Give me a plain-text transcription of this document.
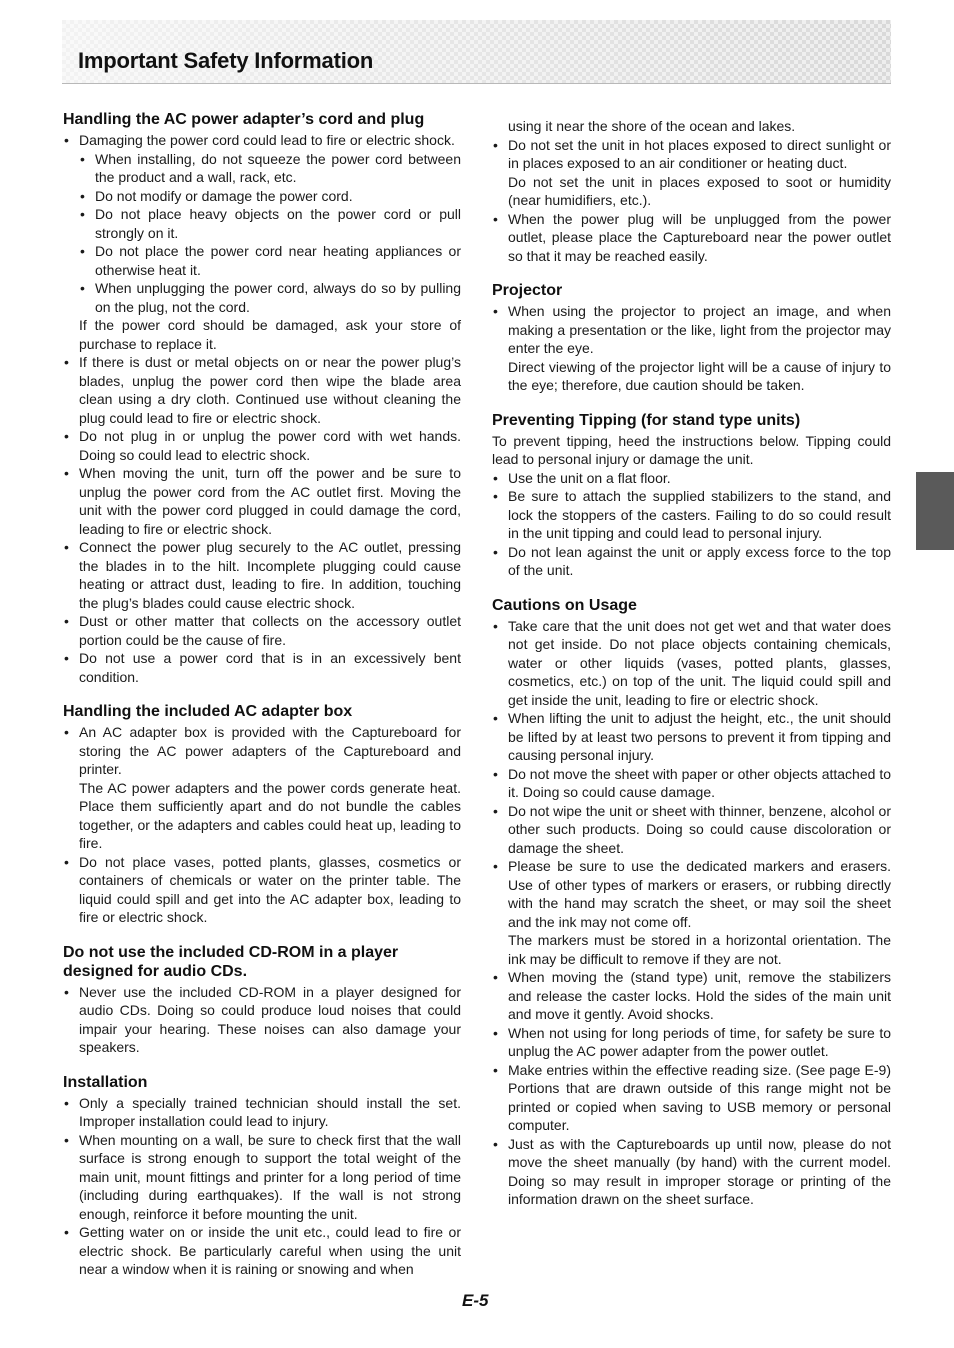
Important Safety Information
Handling the AC power adapter’s cord and plug
• Damaging the power cord could lead to fire or electric shock.
• When installing, do not squeeze the power cord between the product and a wall, rack, etc.
• Do not modify or damage the power cord.
• Do not place heavy objects on the power cord or pull strongly on it.
• Do not place the power cord near heating appliances or otherwise heat it.
• When unplugging the power cord, always do so by pulling on the plug, not the cord.
If the power cord should be damaged, ask your store of purchase to replace it.
• If there is dust or metal objects on or near the power plug’s blades, unplug the power cord then wipe the blade area clean using a dry cloth. Continued use without cleaning the plug could lead to fire or electric shock.
• Do not plug in or unplug the power cord with wet hands. Doing so could lead to electric shock.
• When moving the unit, turn off the power and be sure to unplug the power cord from the AC outlet first. Moving the unit with the power cord plugged in could damage the cord, leading to fire or electric shock.
• Connect the power plug securely to the AC outlet, pressing the blades in to the hilt. Incomplete plugging could cause heating or attract dust, leading to fire. In addition, touching the plug’s blades could cause electric shock.
• Dust or other matter that collects on the accessory outlet portion could be the cause of fire.
• Do not use a power cord that is in an excessively bent condition.
Handling the included AC adapter box
• An AC adapter box is provided with the Captureboard for storing the AC power adapters of the Captureboard and printer.
The AC power adapters and the power cords generate heat. Place them sufficiently apart and do not bundle the cables together, or the adapters and cables could heat up, leading to fire.
• Do not place vases, potted plants, glasses, cosmetics or containers of chemicals or water on the printer table. The liquid could spill and get into the AC adapter box, leading to fire or electric shock.
Do not use the included CD-ROM in a player designed for audio CDs.
• Never use the included CD-ROM in a player designed for audio CDs. Doing so could produce loud noises that could impair your hearing. These noises can also damage your speakers.
Installation
• Only a specially trained technician should install the set. Improper installation could lead to injury.
• When mounting on a wall, be sure to check first that the wall surface is strong enough to support the total weight of the main unit, mount fittings and printer for a long period of time (including during earthquakes). If the wall is not strong enough, reinforce it before mounting the unit.
• Getting water on or inside the unit etc., could lead to fire or electric shock. Be particularly careful when using the unit near a window when it is raining or snowing and when
using it near the shore of the ocean and lakes.
• Do not set the unit in hot places exposed to direct sunlight or in places exposed to an air conditioner or heating duct.
Do not set the unit in places exposed to soot or humidity (near humidifiers, etc.).
• When the power plug will be unplugged from the power outlet, please place the Captureboard near the power outlet so that it may be reached easily.
Projector
• When using the projector to project an image, and when making a presentation or the like, light from the projector may enter the eye.
Direct viewing of the projector light will be a cause of injury to the eye; therefore, due caution should be taken.
Preventing Tipping (for stand type units)

To prevent tipping, heed the instructions below. Tipping could lead to personal injury or damage the unit.

• Use the unit on a flat floor.
• Be sure to attach the supplied stabilizers to the stand, and lock the stoppers of the casters. Failing to do so could result in the unit tipping and could lead to personal injury.
• Do not lean against the unit or apply excess force to the top of the unit.
Cautions on Usage
• Take care that the unit does not get wet and that water does not get inside. Do not place objects containing chemicals, water or other liquids (vases, potted plants, glasses, cosmetics, etc.) on top of the unit. The liquid could spill and get inside the unit, leading to fire or electric shock.
• When lifting the unit to adjust the height, etc., the unit should be lifted by at least two persons to prevent it from tipping and causing personal injury.
• Do not move the sheet with paper or other objects attached to it. Doing so could cause damage.
• Do not wipe the unit or sheet with thinner, benzene, alcohol or other such products. Doing so could cause discoloration or damage the sheet.
• Please be sure to use the dedicated markers and erasers. Use of other types of markers or erasers, or rubbing directly with the hand may scratch the sheet, or may soil the sheet and the ink may not come off.
The markers must be stored in a horizontal orientation. The ink may be difficult to remove if they are not.
• When moving the (stand type) unit, remove the stabilizers and release the caster locks. Hold the sides of the main unit and move it gently. Avoid shocks.
• When not using for long periods of time, for safety be sure to unplug the AC power adapter from the power outlet.
• Make entries within the effective reading size. (See page E-9) Portions that are drawn outside of this range might not be printed or copied when saving to USB memory or personal computer.
• Just as with the Captureboards up until now, please do not move the sheet manually (by hand) with the current model. Doing so may result in improper storage or printing of the information drawn on the sheet surface.
E-5
